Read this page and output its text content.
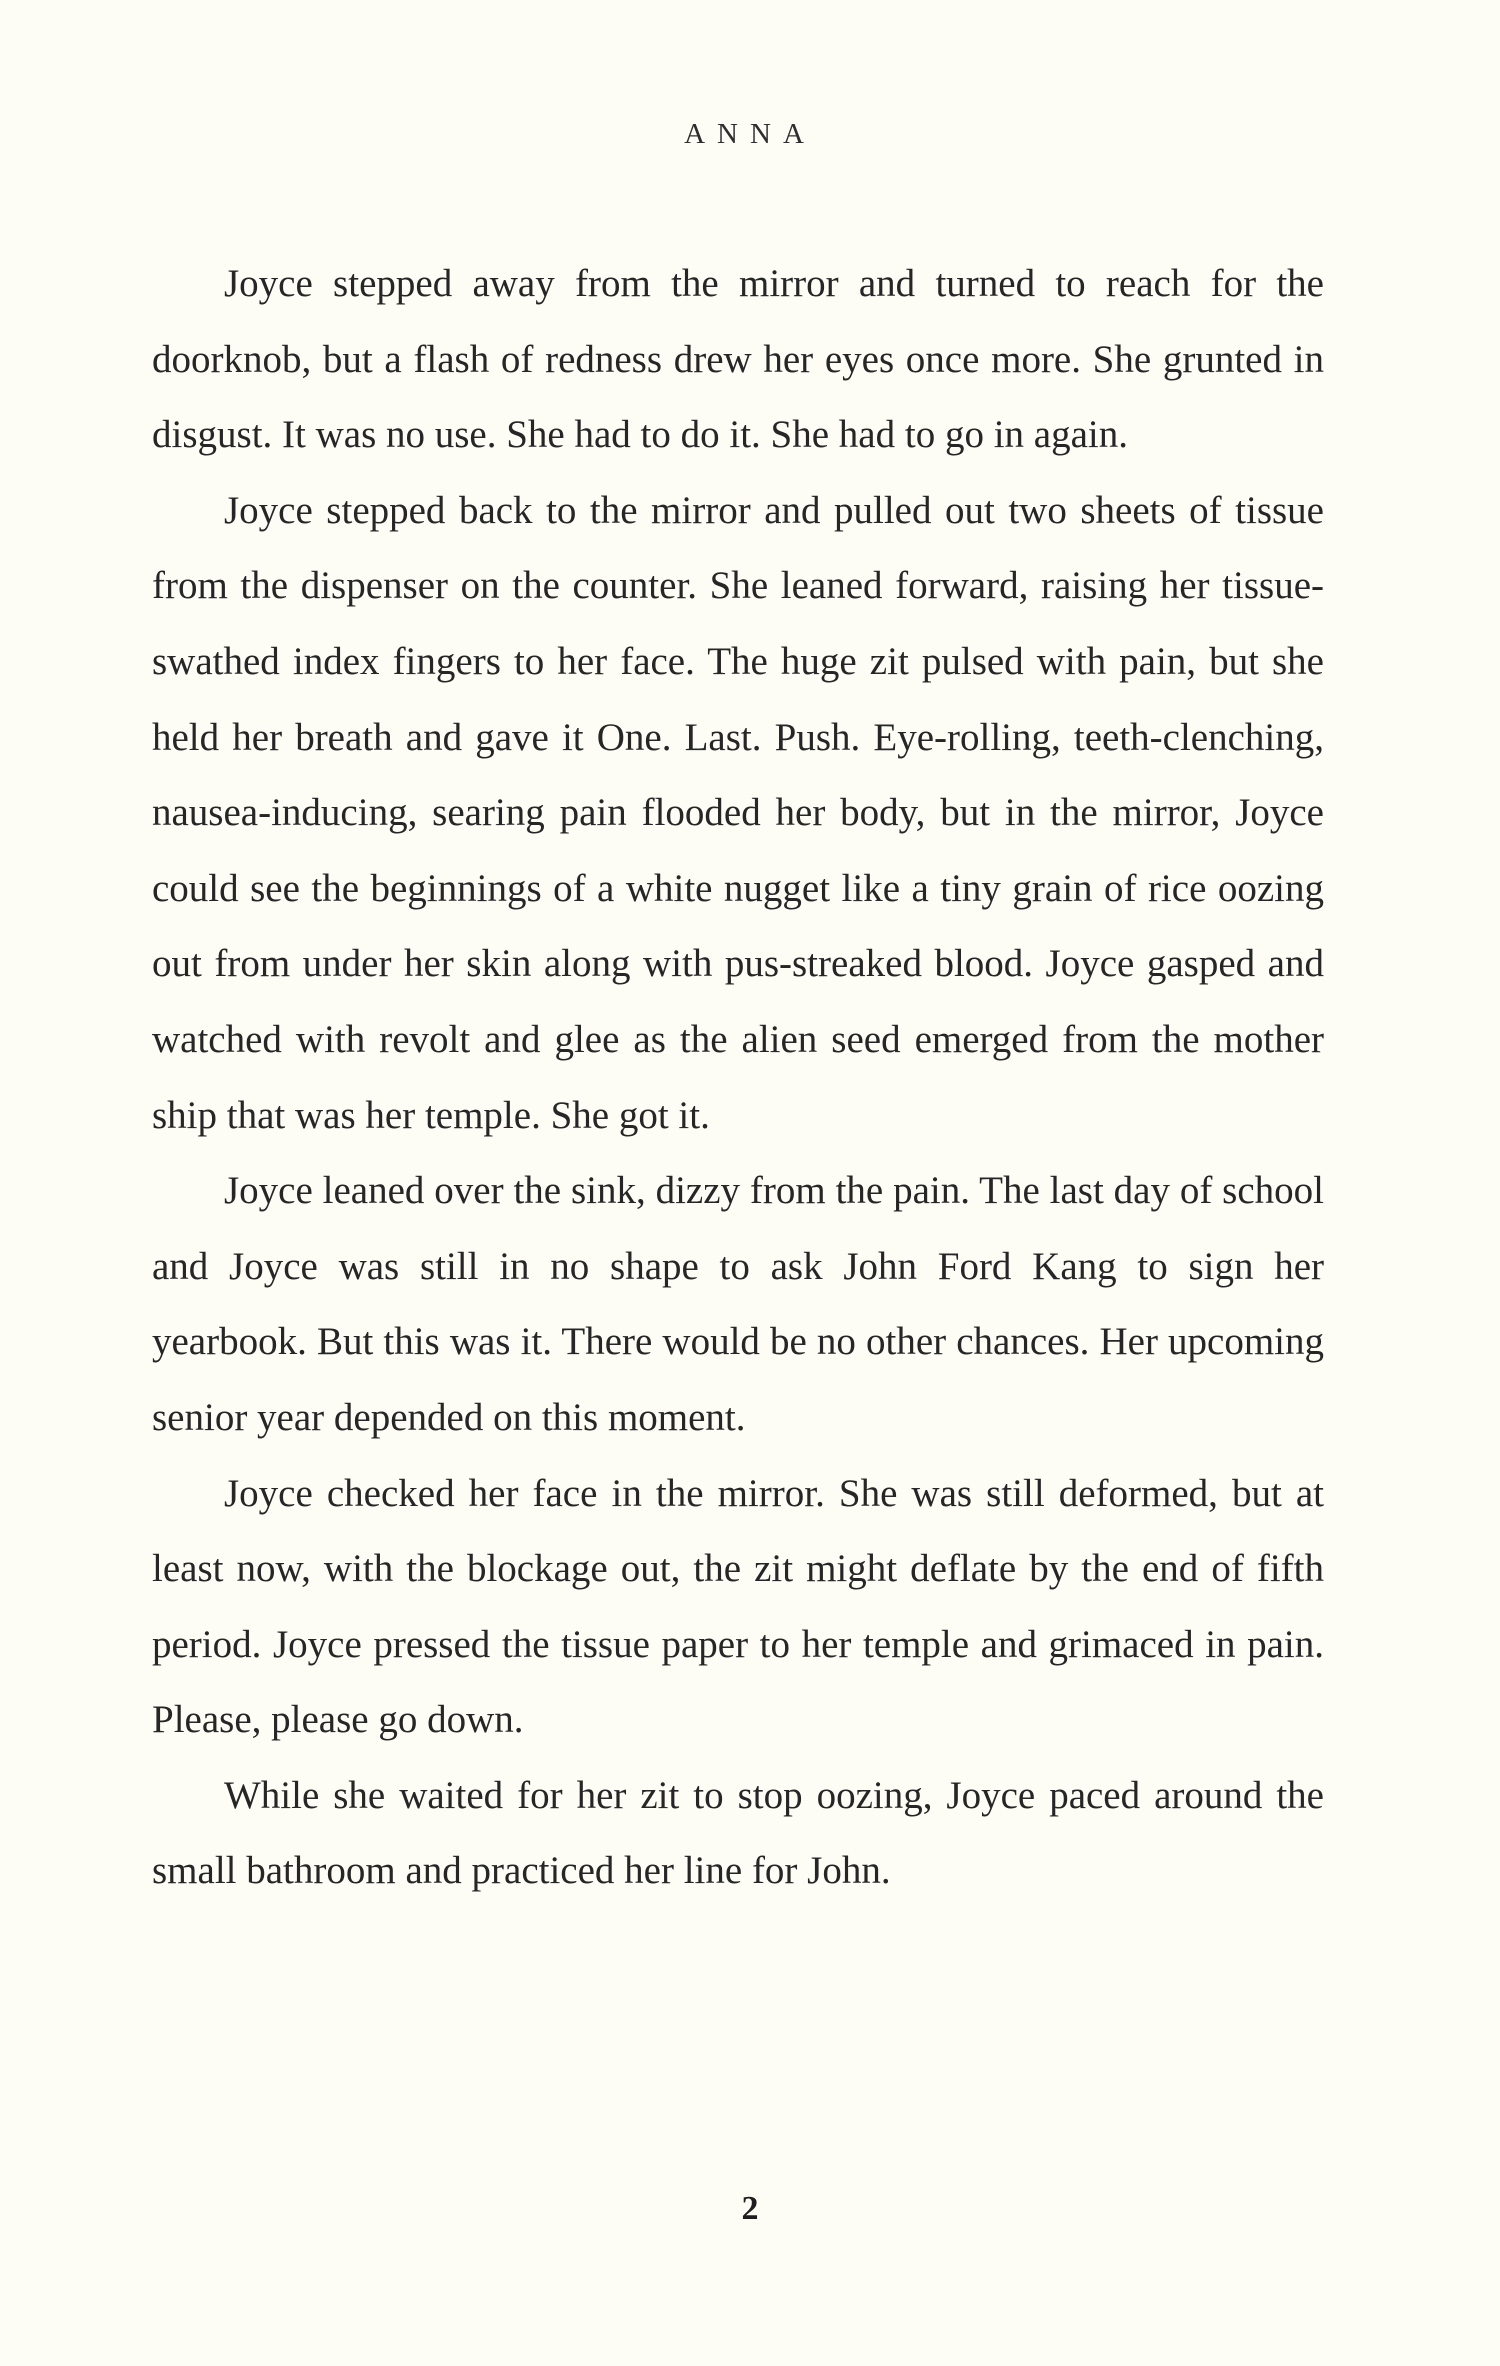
ANNA

Joyce stepped away from the mirror and turned to reach for the doorknob, but a flash of redness drew her eyes once more. She grunted in disgust. It was no use. She had to do it. She had to go in again.

Joyce stepped back to the mirror and pulled out two sheets of tissue from the dispenser on the counter. She leaned forward, raising her tissue-swathed index fingers to her face. The huge zit pulsed with pain, but she held her breath and gave it One. Last. Push. Eye-rolling, teeth-clenching, nausea-inducing, searing pain flooded her body, but in the mirror, Joyce could see the beginnings of a white nugget like a tiny grain of rice oozing out from under her skin along with pus-streaked blood. Joyce gasped and watched with revolt and glee as the alien seed emerged from the mother ship that was her temple. She got it.

Joyce leaned over the sink, dizzy from the pain. The last day of school and Joyce was still in no shape to ask John Ford Kang to sign her yearbook. But this was it. There would be no other chances. Her upcoming senior year depended on this moment.

Joyce checked her face in the mirror. She was still deformed, but at least now, with the blockage out, the zit might deflate by the end of fifth period. Joyce pressed the tissue paper to her temple and grimaced in pain. Please, please go down.

While she waited for her zit to stop oozing, Joyce paced around the small bathroom and practiced her line for John.

2
